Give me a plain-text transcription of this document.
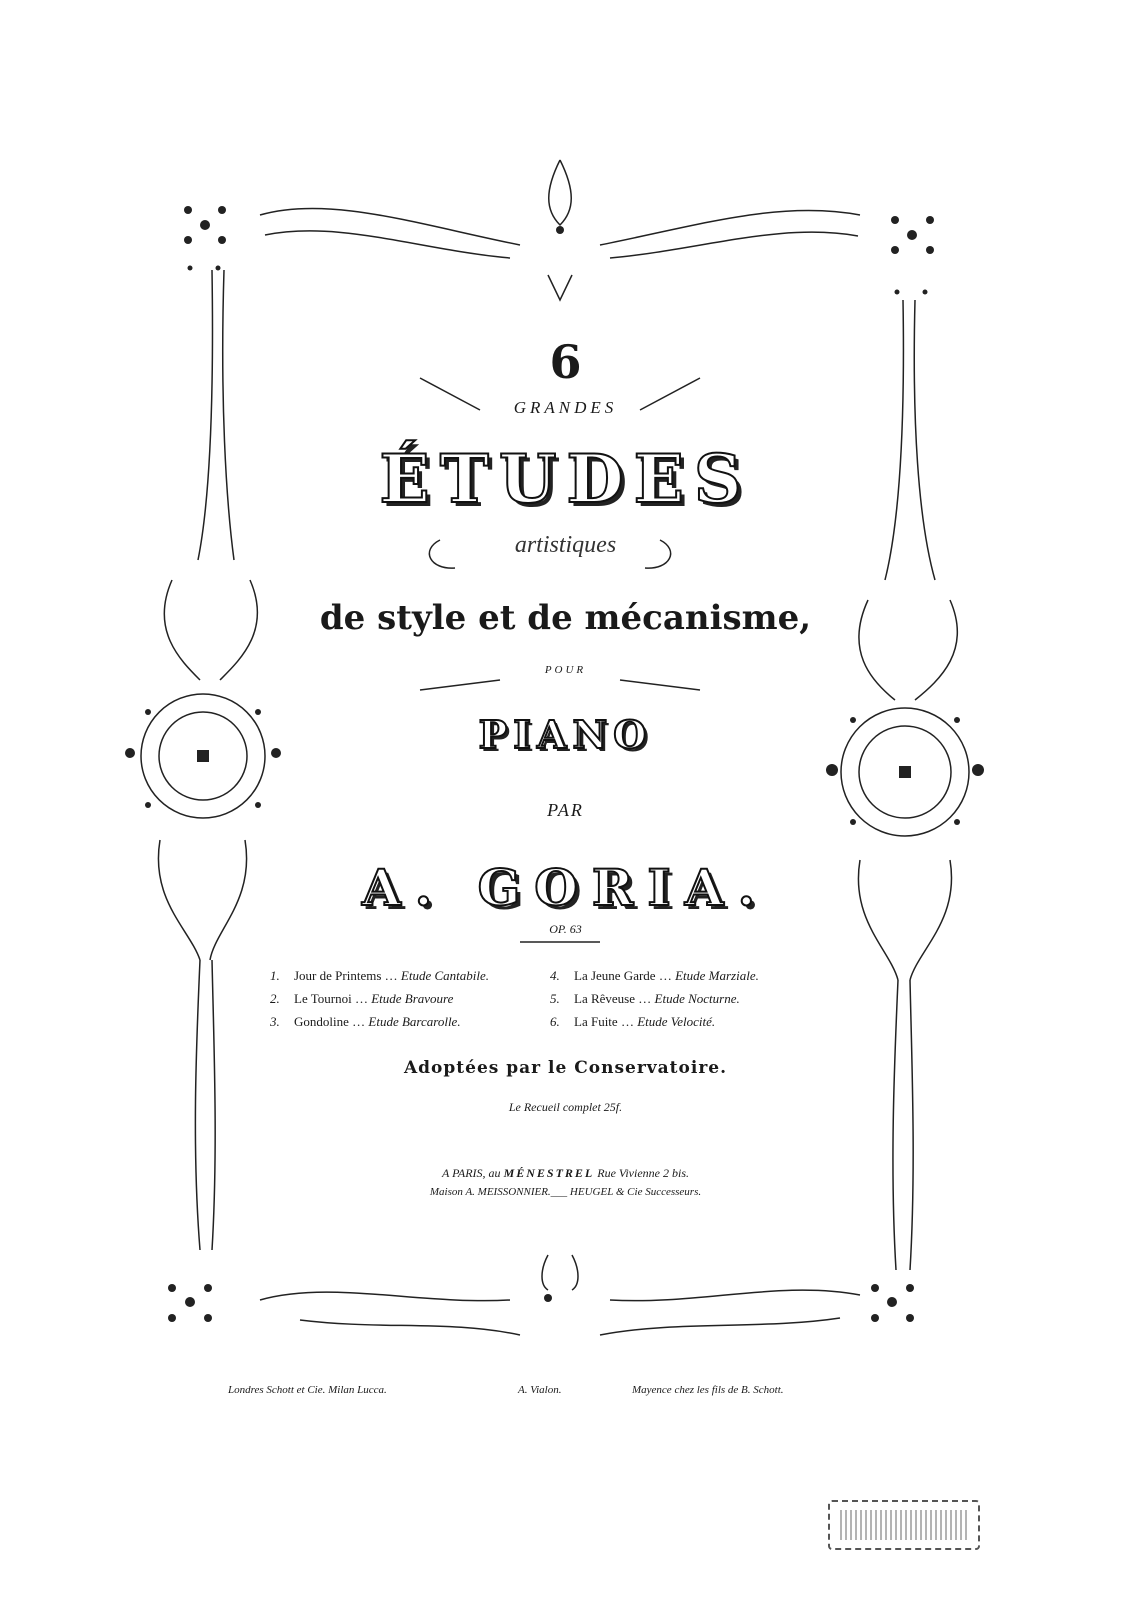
6
GRANDES
ÉTUDES
artistiques
de style et de mécanisme,
POUR
PIANO
PAR
A. GORIA.
OP. 63
1. Jour de Printems … Etude Cantabile.	4. La Jeune Garde … Etude Marziale.
2. Le Tournoi … Etude Bravoure	5. La Rêveuse … Etude Nocturne.
3. Gondoline … Etude Barcarolle.	6. La Fuite … Etude Velocité.
Adoptées par le Conservatoire.
Le Recueil complet 25f.
A PARIS, au MÉNESTREL Rue Vivienne 2 bis.
Maison A. MEISSONNIER.___ HEUGEL & Cie Successeurs.
Londres Schott et Cie. Milan Lucca.	A. Vialon.	Mayence chez les fils de B. Schott.
